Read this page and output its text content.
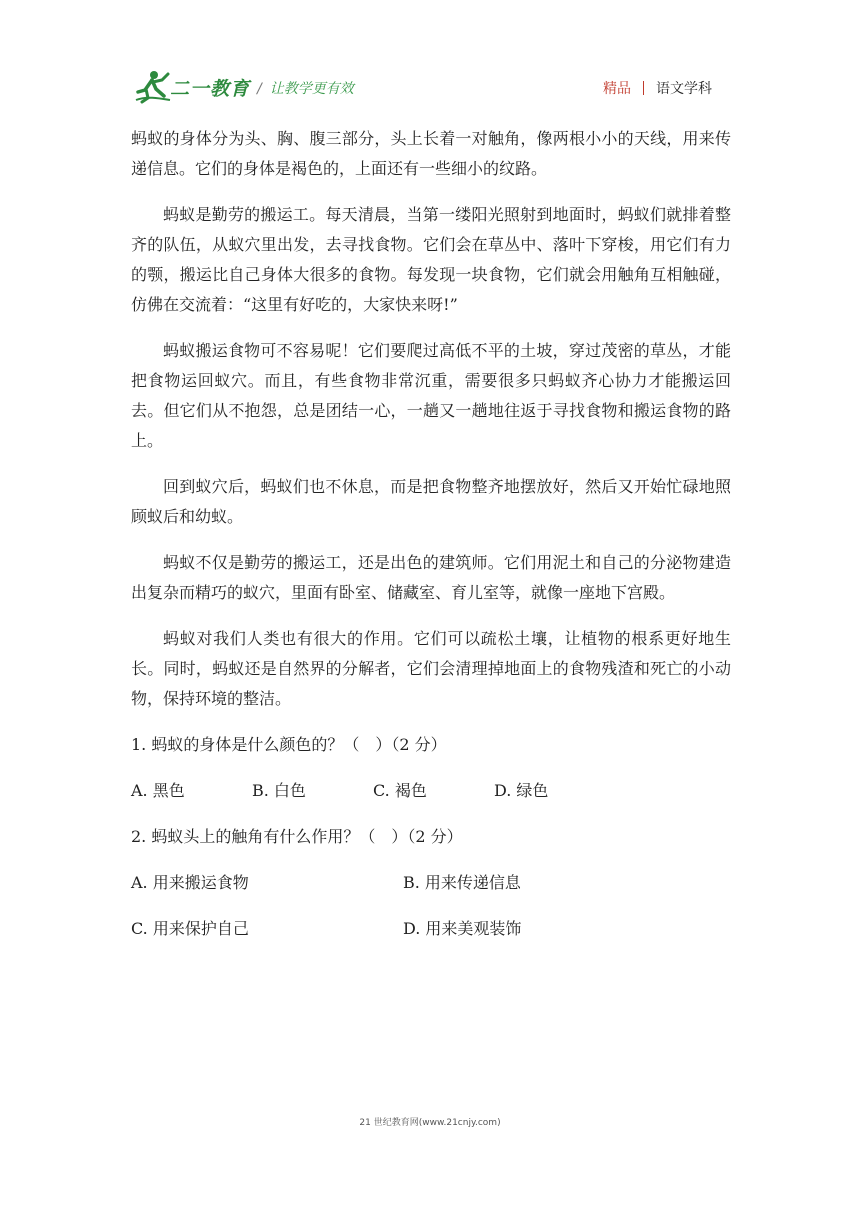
二一教育 / 让教学更有效	精品 语文学科

蚂蚁的身体分为头、胸、腹三部分，头上长着一对触角，像两根小小的天线，用来传递信息。它们的身体是褐色的，上面还有一些细小的纹路。

蚂蚁是勤劳的搬运工。每天清晨，当第一缕阳光照射到地面时，蚂蚁们就排着整齐的队伍，从蚁穴里出发，去寻找食物。它们会在草丛中、落叶下穿梭，用它们有力的颚，搬运比自己身体大很多的食物。每发现一块食物，它们就会用触角互相触碰，仿佛在交流着：“这里有好吃的，大家快来呀!”

蚂蚁搬运食物可不容易呢！它们要爬过高低不平的土坡，穿过茂密的草丛，才能把食物运回蚁穴。而且，有些食物非常沉重，需要很多只蚂蚁齐心协力才能搬运回去。但它们从不抱怨，总是团结一心，一趟又一趟地往返于寻找食物和搬运食物的路上。

回到蚁穴后，蚂蚁们也不休息，而是把食物整齐地摆放好，然后又开始忙碌地照顾蚁后和幼蚁。

蚂蚁不仅是勤劳的搬运工，还是出色的建筑师。它们用泥土和自己的分泌物建造出复杂而精巧的蚁穴，里面有卧室、储藏室、育儿室等，就像一座地下宫殿。

蚂蚁对我们人类也有很大的作用。它们可以疏松土壤，让植物的根系更好地生长。同时，蚂蚁还是自然界的分解者，它们会清理掉地面上的食物残渣和死亡的小动物，保持环境的整洁。

1. 蚂蚁的身体是什么颜色的？（　）（2 分）
A. 黑色	B. 白色	C. 褐色	D. 绿色
2. 蚂蚁头上的触角有什么作用？（　）（2 分）
A. 用来搬运食物	B. 用来传递信息
C. 用来保护自己	D. 用来美观装饰
21 世纪教育网(www.21cnjy.com)
